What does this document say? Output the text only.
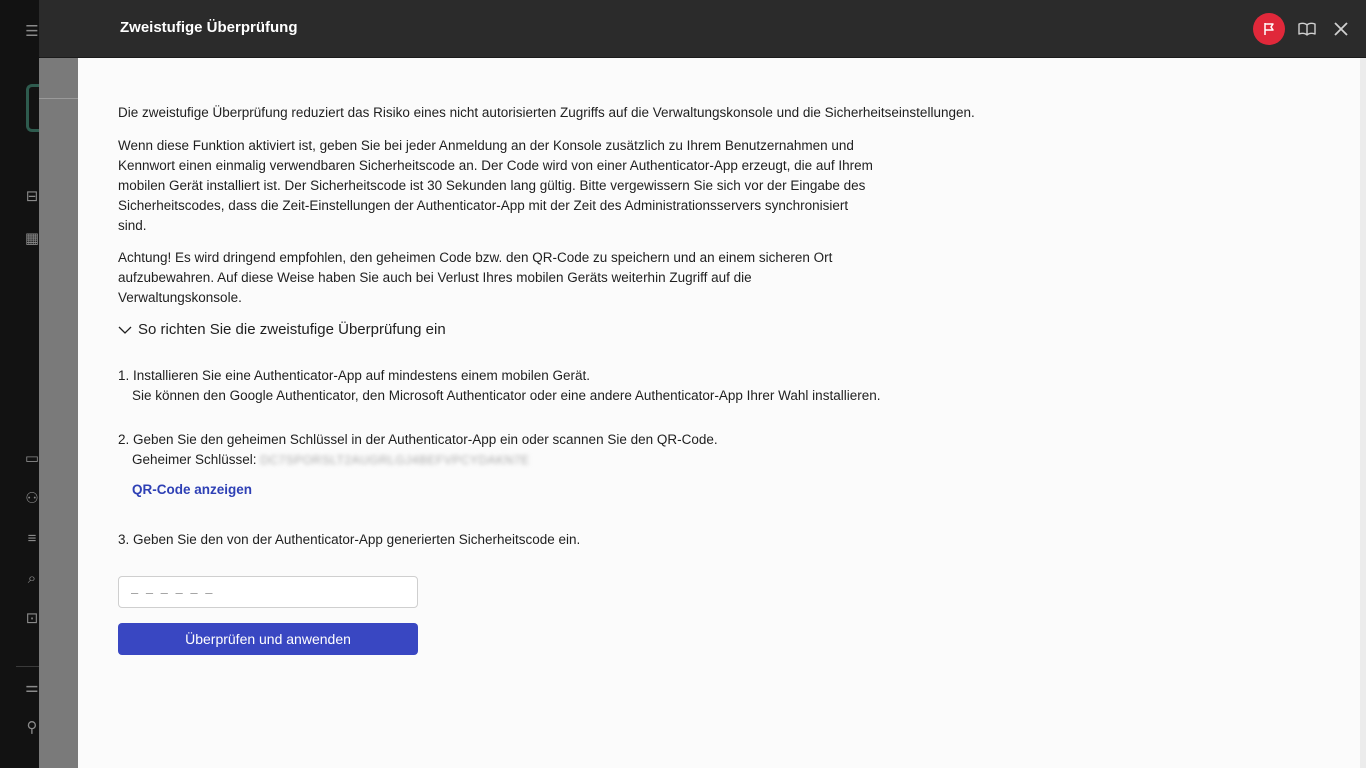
☰
⊟
▦
▭
⚇
≡
⌕
⊡
⚌
⚲
Zweistufige Überprüfung

Die zweistufige Überprüfung reduziert das Risiko eines nicht autorisierten Zugriffs auf die Verwaltungskonsole und die Sicherheitseinstellungen.

Wenn diese Funktion aktiviert ist, geben Sie bei jeder Anmeldung an der Konsole zusätzlich zu Ihrem Benutzernahmen und Kennwort einen einmalig verwendbaren Sicherheitscode an. Der Code wird von einer Authenticator-App erzeugt, die auf Ihrem mobilen Gerät installiert ist. Der Sicherheitscode ist 30 Sekunden lang gültig. Bitte vergewissern Sie sich vor der Eingabe des Sicherheitscodes, dass die Zeit-Einstellungen der Authenticator-App mit der Zeit des Administrationsservers synchronisiert sind.

Achtung! Es wird dringend empfohlen, den geheimen Code bzw. den QR-Code zu speichern und an einem sicheren Ort aufzubewahren. Auf diese Weise haben Sie auch bei Verlust Ihres mobilen Geräts weiterhin Zugriff auf die Verwaltungskonsole.

So richten Sie die zweistufige Überprüfung ein
1. Installieren Sie eine Authenticator-App auf mindestens einem mobilen Gerät.
Sie können den Google Authenticator, den Microsoft Authenticator oder eine andere Authenticator-App Ihrer Wahl installieren.
2. Geben Sie den geheimen Schlüssel in der Authenticator-App ein oder scannen Sie den QR-Code.
Geheimer Schlüssel: DC7SPORSLT2AUGRLGJ4BEFVPCYDAKN7E
QR-Code anzeigen
3. Geben Sie den von der Authenticator-App generierten Sicherheitscode ein.
– – – – – –
Überprüfen und anwenden
